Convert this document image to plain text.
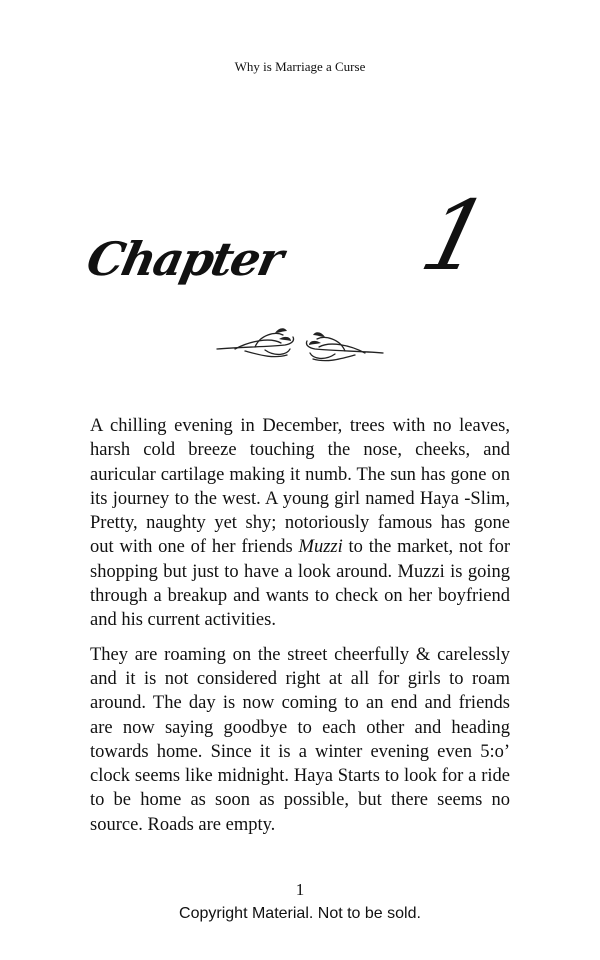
Why is Marriage a Curse
Chapter 1

A chilling evening in December, trees with no leaves, harsh cold breeze touching the nose, cheeks, and auricular cartilage making it numb. The sun has gone on its journey to the west. A young girl named Haya -Slim, Pretty, naughty yet shy; notoriously famous has gone out with one of her friends Muzzi to the market, not for shopping but just to have a look around. Muzzi is going through a breakup and wants to check on her boyfriend and his current activities.

They are roaming on the street cheerfully & carelessly and it is not considered right at all for girls to roam around. The day is now coming to an end and friends are now saying goodbye to each other and heading towards home. Since it is a winter evening even 5:o’ clock seems like midnight. Haya Starts to look for a ride to be home as soon as possible, but there seems no source. Roads are empty.

1
Copyright Material. Not to be sold.
